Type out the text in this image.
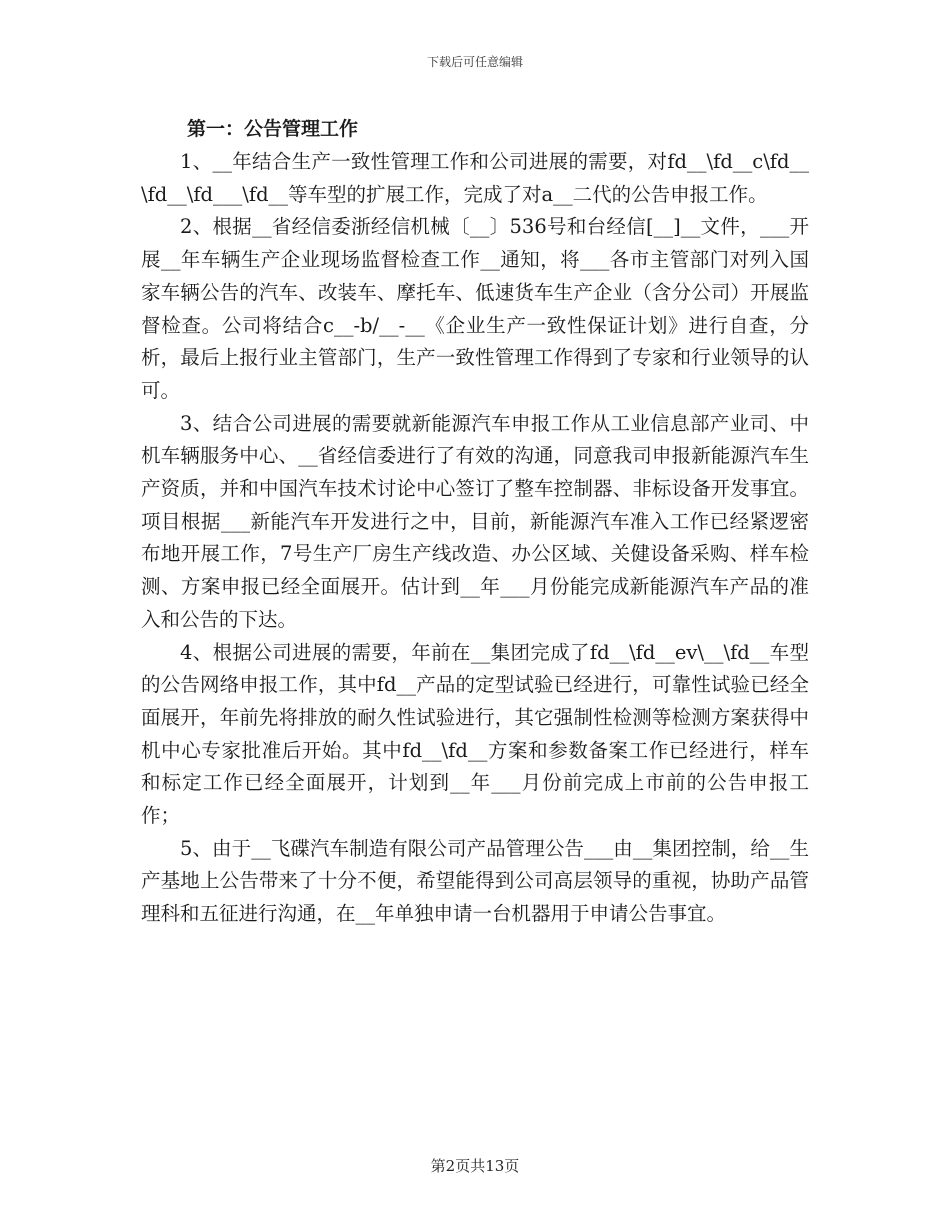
下载后可任意编辑

第一：公告管理工作

1、__年结合生产一致性管理工作和公司进展的需要，对fd__\fd__c\fd__\fd__\fd___\fd__等车型的扩展工作，完成了对a__二代的公告申报工作。

2、根据__省经信委浙经信机械〔__〕536号和台经信[__]__文件，___开展__年车辆生产企业现场监督检查工作__通知，将___各市主管部门对列入国家车辆公告的汽车、改装车、摩托车、低速货车生产企业（含分公司）开展监督检查。公司将结合c__-b/__-__《企业生产一致性保证计划》进行自查，分析，最后上报行业主管部门，生产一致性管理工作得到了专家和行业领导的认可。

3、结合公司进展的需要就新能源汽车申报工作从工业信息部产业司、中机车辆服务中心、__省经信委进行了有效的沟通，同意我司申报新能源汽车生产资质，并和中国汽车技术讨论中心签订了整车控制器、非标设备开发事宜。项目根据___新能汽车开发进行之中，目前，新能源汽车准入工作已经紧逻密布地开展工作，7号生产厂房生产线改造、办公区域、关健设备采购、样车检测、方案申报已经全面展开。估计到__年___月份能完成新能源汽车产品的准入和公告的下达。

4、根据公司进展的需要，年前在__集团完成了fd__\fd__ev\__\fd__车型的公告网络申报工作，其中fd__产品的定型试验已经进行，可靠性试验已经全面展开，年前先将排放的耐久性试验进行，其它强制性检测等检测方案获得中机中心专家批准后开始。其中fd__\fd__方案和参数备案工作已经进行，样车和标定工作已经全面展开，计划到__年___月份前完成上市前的公告申报工作；

5、由于__飞碟汽车制造有限公司产品管理公告___由__集团控制，给__生产基地上公告带来了十分不便，希望能得到公司高层领导的重视，协助产品管理科和五征进行沟通，在__年单独申请一台机器用于申请公告事宜。

第2页共13页
